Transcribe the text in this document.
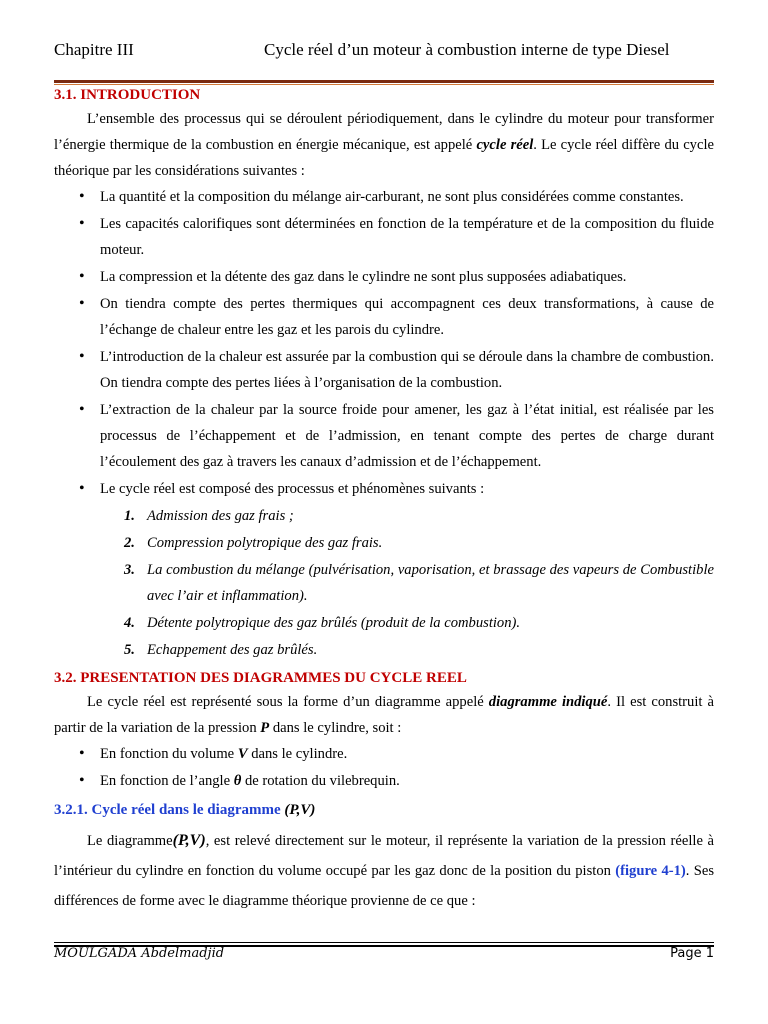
Chapitre III	Cycle réel d’un moteur à combustion interne de type Diesel
3.1. INTRODUCTION

L’ensemble des processus qui se déroulent périodiquement, dans le cylindre du moteur pour transformer l’énergie thermique de la combustion en énergie mécanique, est appelé cycle réel. Le cycle réel diffère du cycle théorique par les considérations suivantes :

• La quantité et la composition du mélange air-carburant, ne sont plus considérées comme constantes.
• Les capacités calorifiques sont déterminées en fonction de la température et de la composition du fluide moteur.
• La compression et la détente des gaz dans le cylindre ne sont plus supposées adiabatiques.
• On tiendra compte des pertes thermiques qui accompagnent ces deux transformations, à cause de l’échange de chaleur entre les gaz et les parois du cylindre.
• L’introduction de la chaleur est assurée par la combustion qui se déroule dans la chambre de combustion. On tiendra compte des pertes liées à l’organisation de la combustion.
• L’extraction de la chaleur par la source froide pour amener, les gaz à l’état initial, est réalisée par les processus de l’échappement et de l’admission, en tenant compte des pertes de charge durant l’écoulement des gaz à travers les canaux d’admission et de l’échappement.
• Le cycle réel est composé des processus et phénomènes suivants :
1. Admission des gaz frais ;
2. Compression polytropique des gaz frais.
3. La combustion du mélange (pulvérisation, vaporisation, et brassage des vapeurs de Combustible avec l’air et inflammation).
4. Détente polytropique des gaz brûlés (produit de la combustion).
5. Echappement des gaz brûlés.
3.2. PRESENTATION DES DIAGRAMMES DU CYCLE REEL

Le cycle réel est représenté sous la forme d’un diagramme appelé diagramme indiqué. Il est construit à partir de la variation de la pression P dans le cylindre, soit :

• En fonction du volume V dans le cylindre.
• En fonction de l’angle θ de rotation du vilebrequin.
3.2.1. Cycle réel dans le diagramme (P,V)

Le diagramme(P,V), est relevé directement sur le moteur, il représente la variation de la pression réelle à l’intérieur du cylindre en fonction du volume occupé par les gaz donc de la position du piston (figure 4-1). Ses différences de forme avec le diagramme théorique provienne de ce que :

MOULGADA Abdelmadjid	Page 1
